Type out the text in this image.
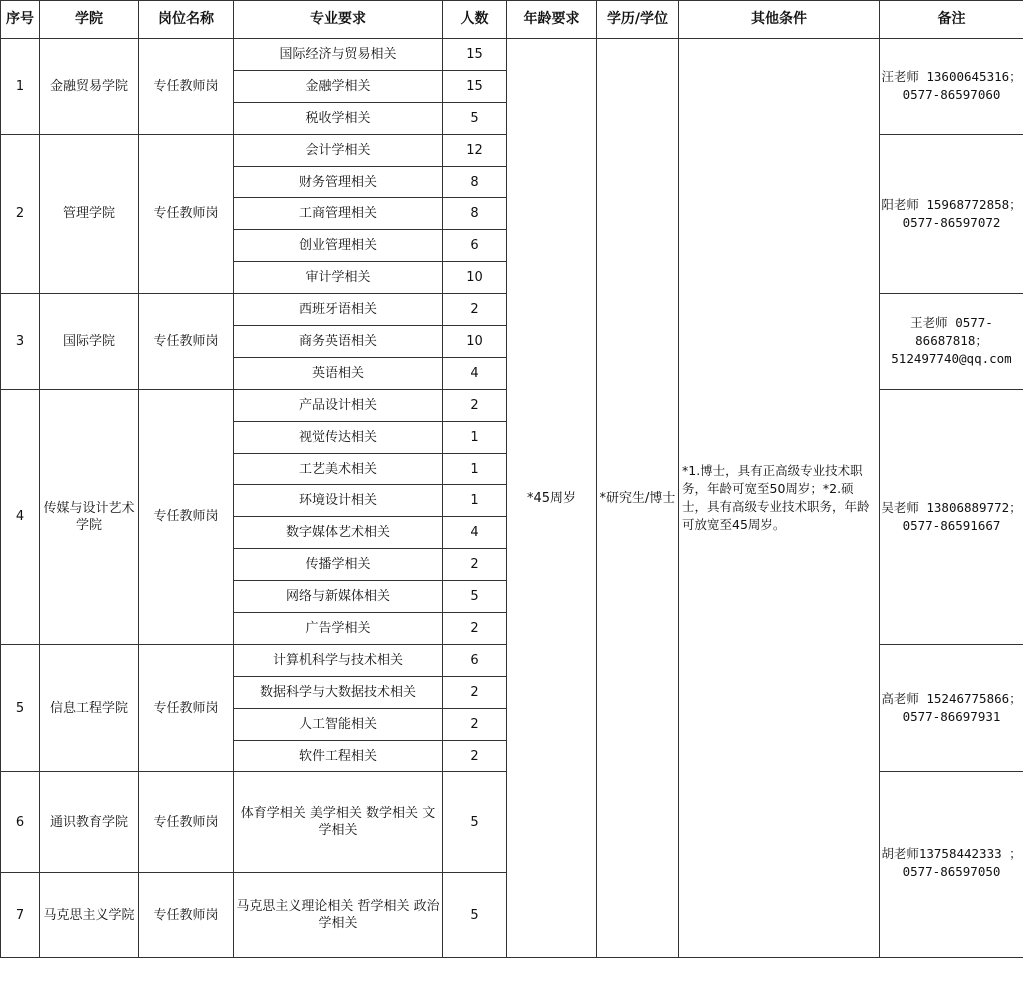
序号	学院	岗位名称	专业要求	人数	年龄要求	学历/学位	其他条件	备注
1	金融贸易学院	专任教师岗	国际经济与贸易相关	15	*45周岁	*研究生/博士	*1.博士，具有正高级专业技术职务，年龄可宽至50周岁；*2.硕士，具有高级专业技术职务，年龄可放宽至45周岁。	汪老师 13600645316； 0577-86597060
			金融学相关	15				
			税收学相关	5				
2	管理学院	专任教师岗	会计学相关	12				阳老师 15968772858； 0577-86597072
			财务管理相关	8				
			工商管理相关	8				
			创业管理相关	6				
			审计学相关	10				
3	国际学院	专任教师岗	西班牙语相关	2				王老师 0577-86687818； 512497740@qq.com
			商务英语相关	10				
			英语相关	4				
4	传媒与设计艺术学院	专任教师岗	产品设计相关	2				吴老师 13806889772； 0577-86591667
			视觉传达相关	1				
			工艺美术相关	1				
			环境设计相关	1				
			数字媒体艺术相关	4				
			传播学相关	2				
			网络与新媒体相关	5				
			广告学相关	2				
5	信息工程学院	专任教师岗	计算机科学与技术相关	6				高老师 15246775866； 0577-86697931
			数据科学与大数据技术相关	2				
			人工智能相关	2				
			软件工程相关	2				
6	通识教育学院	专任教师岗	体育学相关 美学相关 数学相关 文学相关	5				胡老师13758442333 ； 0577-86597050
7	马克思主义学院	专任教师岗	马克思主义理论相关 哲学相关 政治学相关	5				
